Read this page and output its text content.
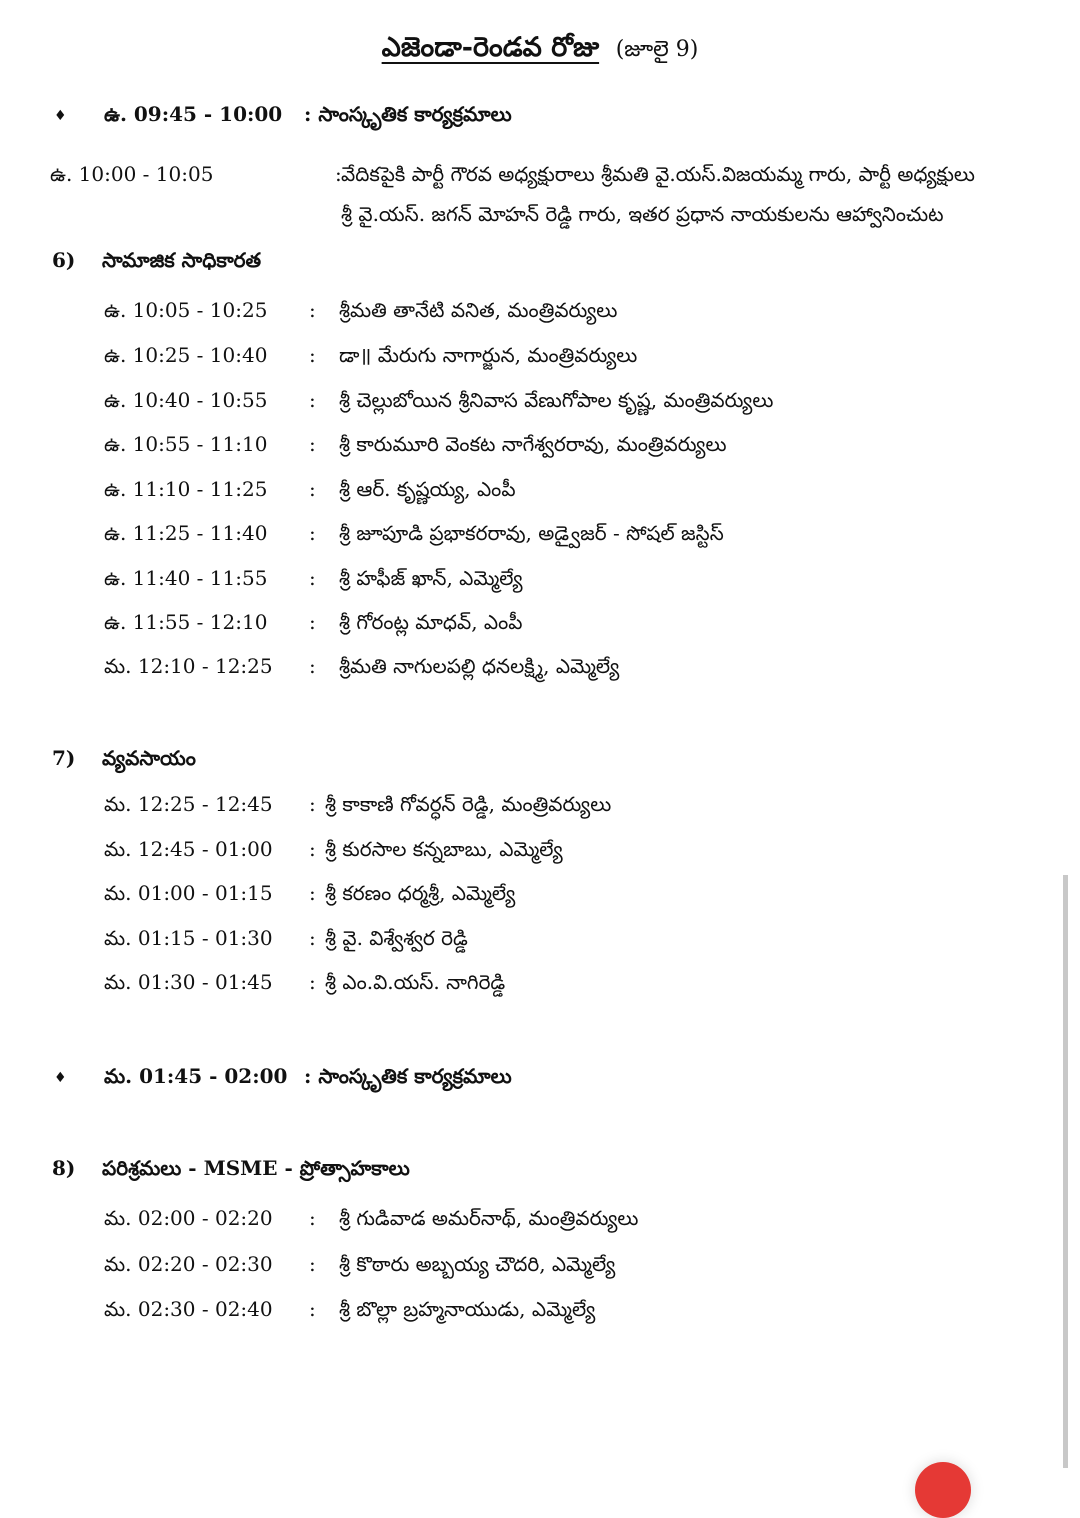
ఎజెండా-రెండవ రోజు (జూలై 9)
♦ ఉ. 09:45 - 10:00	: సాంస్కృతిక కార్యక్రమాలు
ఉ. 10:00 - 10:05	: వేదికపైకి పార్టీ గౌరవ అధ్యక్షురాలు శ్రీమతి వై.యస్.విజయమ్మ గారు, పార్టీ అధ్యక్షులు
శ్రీ వై.యస్. జగన్ మోహన్ రెడ్డి గారు, ఇతర ప్రధాన నాయకులను ఆహ్వానించుట
6) సామాజిక సాధికారత
ఉ. 10:05 - 10:25	:	శ్రీమతి తానేటి వనిత, మంత్రివర్యులు
ఉ. 10:25 - 10:40	:	డా॥ మేరుగు నాగార్జున, మంత్రివర్యులు
ఉ. 10:40 - 10:55	:	శ్రీ చెల్లుబోయిన శ్రీనివాస వేణుగోపాల కృష్ణ, మంత్రివర్యులు
ఉ. 10:55 - 11:10	:	శ్రీ కారుమూరి వెంకట నాగేశ్వరరావు, మంత్రివర్యులు
ఉ. 11:10 - 11:25	:	శ్రీ ఆర్. కృష్ణయ్య, ఎంపీ
ఉ. 11:25 - 11:40	:	శ్రీ జూపూడి ప్రభాకరరావు, అడ్వైజర్ - సోషల్ జస్టిస్
ఉ. 11:40 - 11:55	:	శ్రీ హఫీజ్ ఖాన్, ఎమ్మెల్యే
ఉ. 11:55 - 12:10	:	శ్రీ గోరంట్ల మాధవ్, ఎంపీ
మ. 12:10 - 12:25	:	శ్రీమతి నాగులపల్లి ధనలక్ష్మి, ఎమ్మెల్యే
7) వ్యవసాయం
మ. 12:25 - 12:45	: శ్రీ కాకాణి గోవర్ధన్ రెడ్డి, మంత్రివర్యులు
మ. 12:45 - 01:00	: శ్రీ కురసాల కన్నబాబు, ఎమ్మెల్యే
మ. 01:00 - 01:15	: శ్రీ కరణం ధర్మశ్రీ, ఎమ్మెల్యే
మ. 01:15 - 01:30	: శ్రీ వై. విశ్వేశ్వర రెడ్డి
మ. 01:30 - 01:45	: శ్రీ ఎం.వి.యస్. నాగిరెడ్డి
8) పరిశ్రమలు - MSME - ప్రోత్సాహకాలు
మ. 02:00 - 02:20	:	శ్రీ గుడివాడ అమర్‌నాథ్, మంత్రివర్యులు
మ. 02:20 - 02:30	:	శ్రీ కొఠారు అబ్బయ్య చౌదరి, ఎమ్మెల్యే
మ. 02:30 - 02:40	:	శ్రీ బొల్లా బ్రహ్మనాయుడు, ఎమ్మెల్యే
♦ మ. 01:45 - 02:00 : సాంస్కృతిక కార్యక్రమాలు
